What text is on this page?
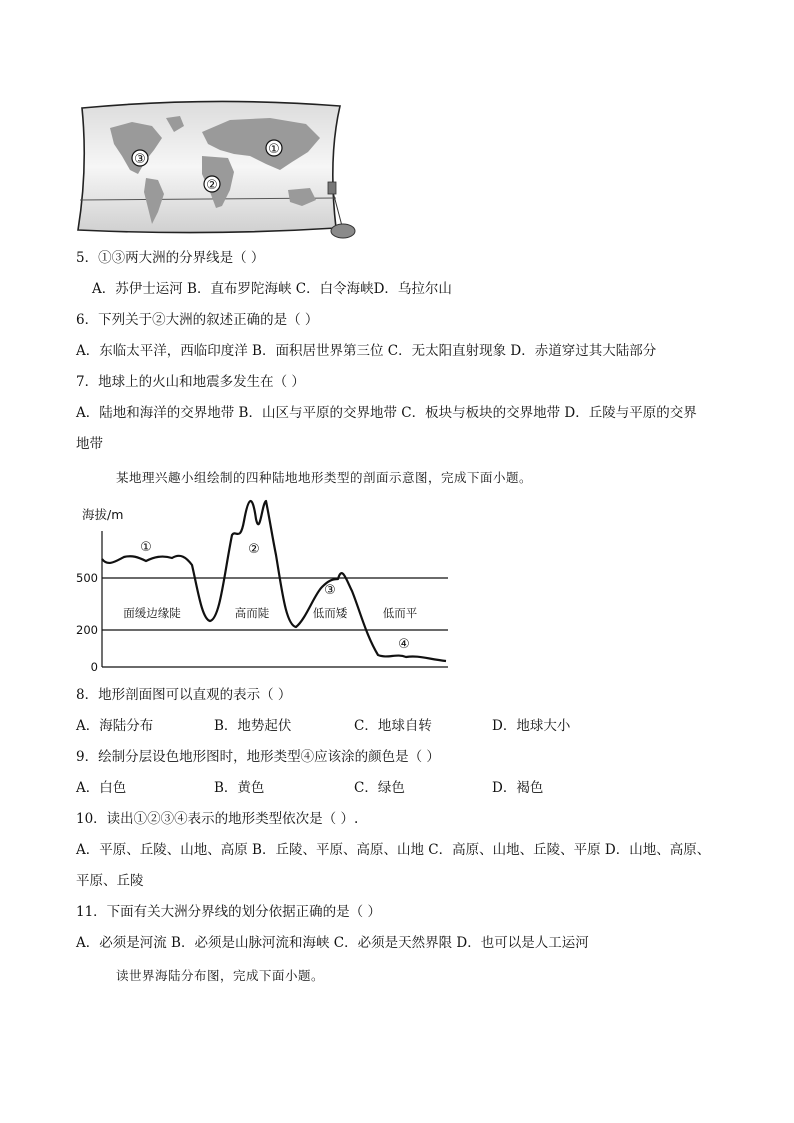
①
②
③
5．①③两大洲的分界线是（ ）
A．苏伊士运河 B．直布罗陀海峡 C．白令海峡D．乌拉尔山
6．下列关于②大洲的叙述正确的是（ ）
A．东临太平洋，西临印度洋 B．面积居世界第三位 C．无太阳直射现象 D．赤道穿过其大陆部分
7．地球上的火山和地震多发生在（ ）
A．陆地和海洋的交界地带 B．山区与平原的交界地带 C．板块与板块的交界地带 D．丘陵与平原的交界
地带
某地理兴趣小组绘制的四种陆地地形类型的剖面示意图，完成下面小题。
海拔/m
500
200
0
①	②
③
④
面缓边缘陡	高而陡	低而矮	低而平
8．地形剖面图可以直观的表示（ ）
A．海陆分布	B．地势起伏	C．地球自转	D．地球大小
9．绘制分层设色地形图时，地形类型④应该涂的颜色是（ ）
A．白色	B．黄色	C．绿色	D．褐色
10．读出①②③④表示的地形类型依次是（ ）.
A．平原、丘陵、山地、高原 B．丘陵、平原、高原、山地 C．高原、山地、丘陵、平原 D．山地、高原、
平原、丘陵
11．下面有关大洲分界线的划分依据正确的是（ ）
A．必须是河流 B．必须是山脉河流和海峡 C．必须是天然界限 D．也可以是人工运河
读世界海陆分布图，完成下面小题。
